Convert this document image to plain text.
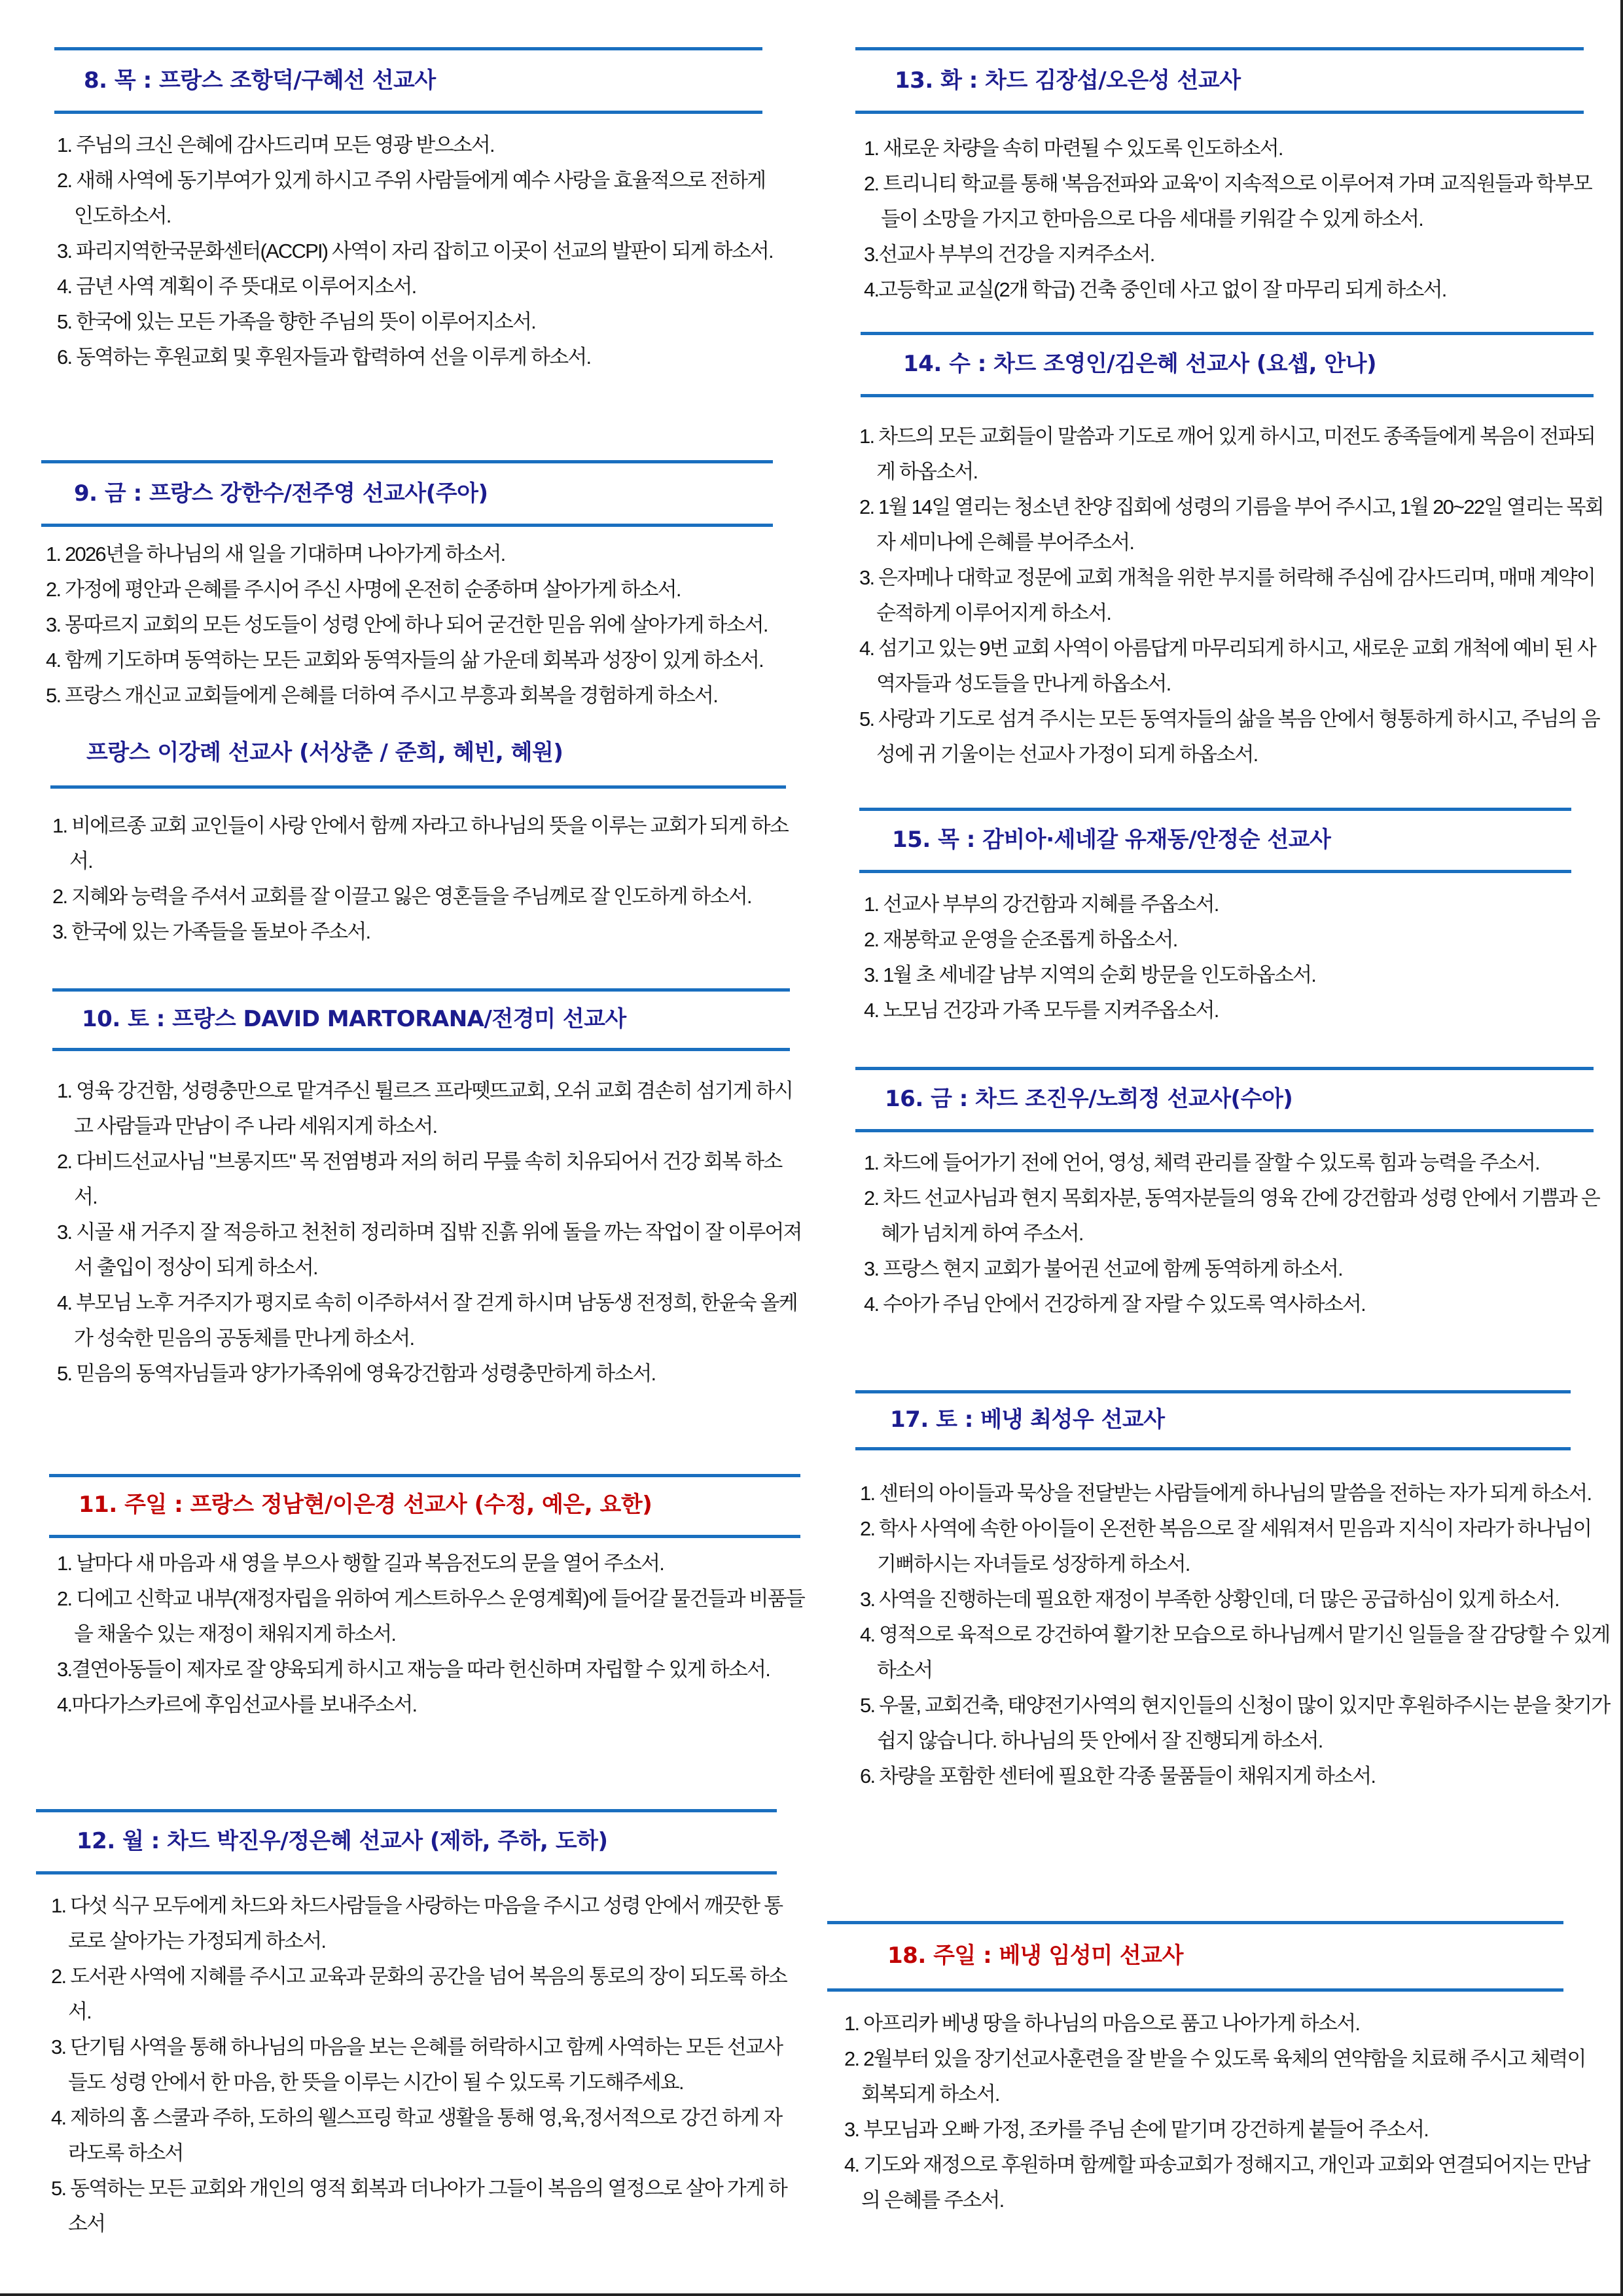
8. 목 : 프랑스 조항덕/구혜선 선교사
1. 주님의 크신 은혜에 감사드리며 모든 영광 받으소서.
2. 새해 사역에 동기부여가 있게 하시고 주위 사람들에게 예수 사랑을 효율적으로 전하게 인도하소서.
3. 파리지역한국문화센터(ACCPI) 사역이 자리 잡히고 이곳이 선교의 발판이 되게 하소서.
4. 금년 사역 계획이 주 뜻대로 이루어지소서.
5. 한국에 있는 모든 가족을 향한 주님의 뜻이 이루어지소서.
6. 동역하는 후원교회 및 후원자들과 합력하여 선을 이루게 하소서.
9. 금 : 프랑스 강한수/전주영 선교사(주아)
1. 2026년을 하나님의 새 일을 기대하며 나아가게 하소서.
2. 가정에 평안과 은혜를 주시어 주신 사명에 온전히 순종하며 살아가게 하소서.
3. 몽따르지 교회의 모든 성도들이 성령 안에 하나 되어 굳건한 믿음 위에 살아가게 하소서.
4. 함께 기도하며 동역하는 모든 교회와 동역자들의 삶 가운데 회복과 성장이 있게 하소서.
5. 프랑스 개신교 교회들에게 은혜를 더하여 주시고 부흥과 회복을 경험하게 하소서.
프랑스 이강례 선교사 (서상춘 / 준희, 혜빈, 혜원)
1. 비에르종 교회 교인들이 사랑 안에서 함께 자라고 하나님의 뜻을 이루는 교회가 되게 하소서.
2. 지혜와 능력을 주셔서 교회를 잘 이끌고 잃은 영혼들을 주님께로 잘 인도하게 하소서.
3. 한국에 있는 가족들을 돌보아 주소서.
10. 토 : 프랑스 DAVID MARTORANA/전경미 선교사
1. 영육 강건함, 성령충만으로 맡겨주신 튈르즈 프라뗏뜨교회, 오쉬 교회 겸손히 섬기게 하시고 사람들과 만남이 주 나라 세워지게 하소서.
2. 다비드선교사님 "브롱지뜨" 목 전염병과 저의 허리 무릎 속히 치유되어서 건강 회복 하소서.
3. 시골 새 거주지 잘 적응하고 천천히 정리하며 집밖 진흙 위에 돌을 까는 작업이 잘 이루어져서 출입이 정상이 되게 하소서.
4. 부모님 노후 거주지가 평지로 속히 이주하셔서 잘 걷게 하시며 남동생 전정희, 한윤숙 올케가 성숙한 믿음의 공동체를 만나게 하소서.
5. 믿음의 동역자님들과 양가가족위에 영육강건함과 성령충만하게 하소서.
11. 주일 : 프랑스 정남현/이은경 선교사 (수정, 예은, 요한)
1. 날마다 새 마음과 새 영을 부으사 행할 길과 복음전도의 문을 열어 주소서.
2. 디에고 신학교 내부(재정자립을 위하여 게스트하우스 운영계획)에 들어갈 물건들과 비품들을 채울수 있는 재정이 채워지게 하소서.
3.결연아동들이 제자로 잘 양육되게 하시고 재능을 따라 헌신하며 자립할 수 있게 하소서.
4.마다가스카르에 후임선교사를 보내주소서.
12. 월 : 차드 박진우/정은혜 선교사 (제하, 주하, 도하)
1. 다섯 식구 모두에게 차드와 차드사람들을 사랑하는 마음을 주시고 성령 안에서 깨끗한 통로로 살아가는 가정되게 하소서.
2. 도서관 사역에 지혜를 주시고 교육과 문화의 공간을 넘어 복음의 통로의 장이 되도록 하소서.
3. 단기팀 사역을 통해 하나님의 마음을 보는 은혜를 허락하시고 함께 사역하는 모든 선교사들도 성령 안에서 한 마음, 한 뜻을 이루는 시간이 될 수 있도록 기도해주세요.
4. 제하의 홈 스쿨과 주하, 도하의 웰스프링 학교 생활을 통해 영,육,정서적으로 강건 하게 자라도록 하소서
5. 동역하는 모든 교회와 개인의 영적 회복과 더나아가 그들이 복음의 열정으로 살아 가게 하소서
13. 화 : 차드 김장섭/오은성 선교사
1. 새로운 차량을 속히 마련될 수 있도록 인도하소서.
2. 트리니티 학교를 통해 '복음전파와 교육'이 지속적으로 이루어져 가며 교직원들과 학부모들이 소망을 가지고 한마음으로 다음 세대를 키워갈 수 있게 하소서.
3.선교사 부부의 건강을 지켜주소서.
4.고등학교 교실(2개 학급) 건축 중인데 사고 없이 잘 마무리 되게 하소서.
14. 수 : 차드 조영인/김은혜 선교사 (요셉, 안나)
1. 차드의 모든 교회들이 말씀과 기도로 깨어 있게 하시고, 미전도 종족들에게 복음이 전파되게 하옵소서.
2. 1월 14일 열리는 청소년 찬양 집회에 성령의 기름을 부어 주시고, 1월 20~22일 열리는 목회자 세미나에 은혜를 부어주소서.
3. 은자메나 대학교 정문에 교회 개척을 위한 부지를 허락해 주심에 감사드리며, 매매 계약이 순적하게 이루어지게 하소서.
4. 섬기고 있는 9번 교회 사역이 아름답게 마무리되게 하시고, 새로운 교회 개척에 예비 된 사역자들과 성도들을 만나게 하옵소서.
5. 사랑과 기도로 섬겨 주시는 모든 동역자들의 삶을 복음 안에서 형통하게 하시고, 주님의 음성에 귀 기울이는 선교사 가정이 되게 하옵소서.
15. 목 : 감비아·세네갈 유재동/안정순 선교사
1. 선교사 부부의 강건함과 지혜를 주옵소서.
2. 재봉학교 운영을 순조롭게 하옵소서.
3. 1월 초 세네갈 남부 지역의 순회 방문을 인도하옵소서.
4. 노모님 건강과 가족 모두를 지켜주옵소서.
16. 금 : 차드 조진우/노희정 선교사(수아)
1. 차드에 들어가기 전에 언어, 영성, 체력 관리를 잘할 수 있도록 힘과 능력을 주소서.
2. 차드 선교사님과 현지 목회자분, 동역자분들의 영육 간에 강건함과 성령 안에서 기쁨과 은혜가 넘치게 하여 주소서.
3. 프랑스 현지 교회가 불어권 선교에 함께 동역하게 하소서.
4. 수아가 주님 안에서 건강하게 잘 자랄 수 있도록 역사하소서.
17. 토 : 베냉 최성우 선교사
1. 센터의 아이들과 묵상을 전달받는 사람들에게 하나님의 말씀을 전하는 자가 되게 하소서.
2. 학사 사역에 속한 아이들이 온전한 복음으로 잘 세워져서 믿음과 지식이 자라가 하나님이 기뻐하시는 자녀들로 성장하게 하소서.
3. 사역을 진행하는데 필요한 재정이 부족한 상황인데, 더 많은 공급하심이 있게 하소서.
4. 영적으로 육적으로 강건하여 활기찬 모습으로 하나님께서 맡기신 일들을 잘 감당할 수 있게 하소서
5. 우물, 교회건축, 태양전기사역의 현지인들의 신청이 많이 있지만 후원하주시는 분을 찾기가 쉽지 않습니다. 하나님의 뜻 안에서 잘 진행되게 하소서.
6. 차량을 포함한 센터에 필요한 각종 물품들이 채워지게 하소서.
18. 주일 : 베냉 임성미 선교사
1. 아프리카 베냉 땅을 하나님의 마음으로 품고 나아가게 하소서.
2. 2월부터 있을 장기선교사훈련을 잘 받을 수 있도록 육체의 연약함을 치료해 주시고 체력이 회복되게 하소서.
3. 부모님과 오빠 가정, 조카를 주님 손에 맡기며 강건하게 붙들어 주소서.
4. 기도와 재정으로 후원하며 함께할 파송교회가 정해지고, 개인과 교회와 연결되어지는 만남의 은혜를 주소서.
